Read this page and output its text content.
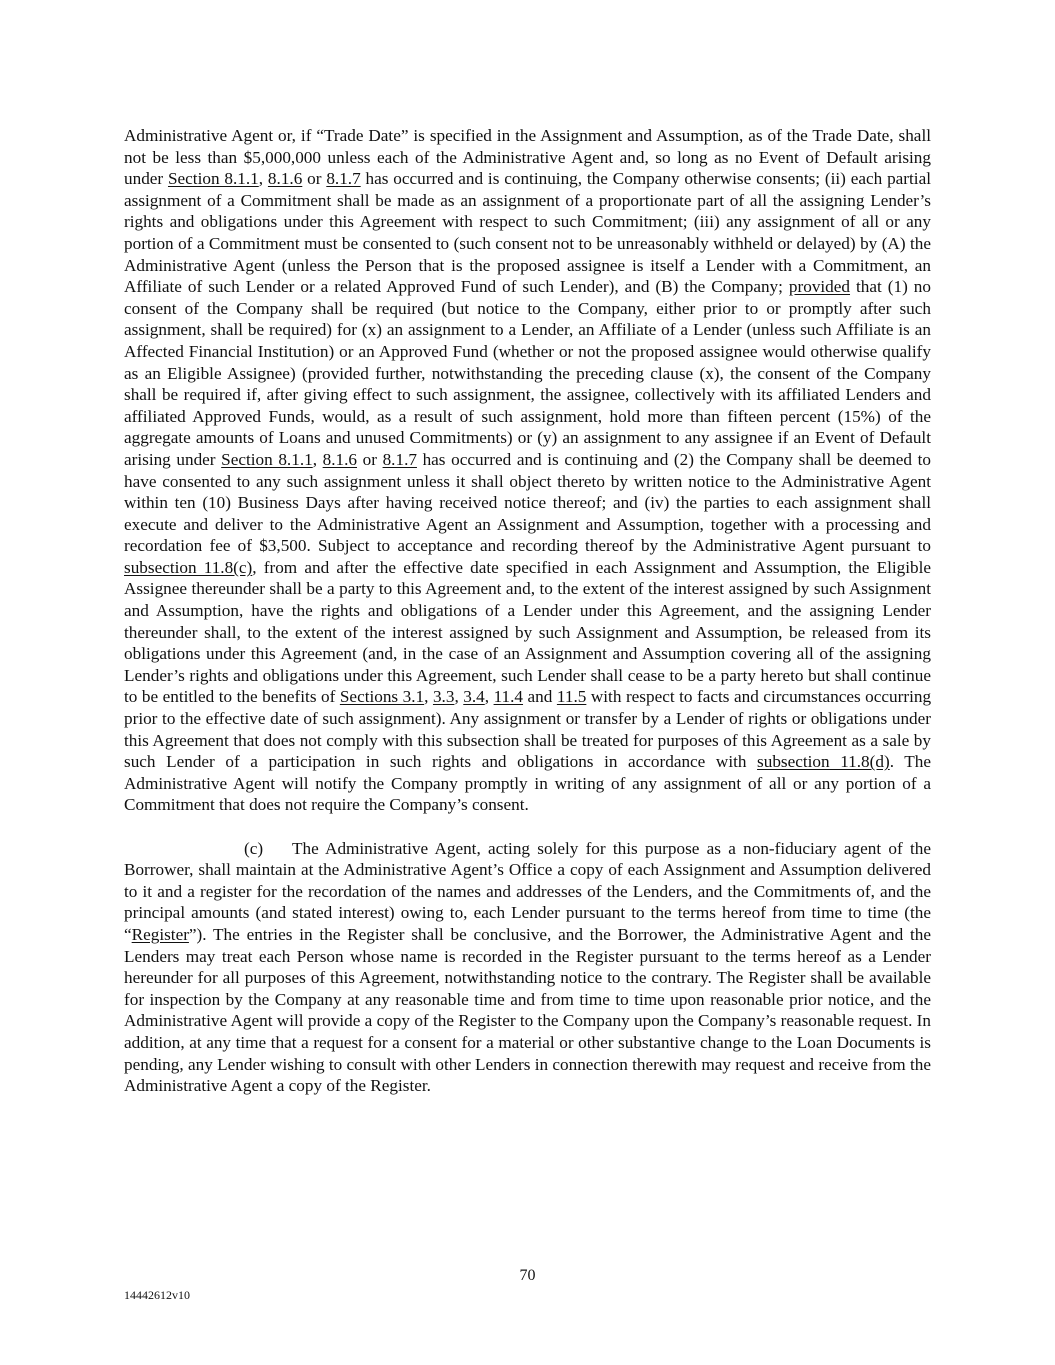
Administrative Agent or, if “Trade Date” is specified in the Assignment and Assumption, as of the Trade Date, shall not be less than $5,000,000 unless each of the Administrative Agent and, so long as no Event of Default arising under Section 8.1.1, 8.1.6 or 8.1.7 has occurred and is continuing, the Company otherwise consents; (ii) each partial assignment of a Commitment shall be made as an assignment of a proportionate part of all the assigning Lender’s rights and obligations under this Agreement with respect to such Commitment; (iii) any assignment of all or any portion of a Commitment must be consented to (such consent not to be unreasonably withheld or delayed) by (A) the Administrative Agent (unless the Person that is the proposed assignee is itself a Lender with a Commitment, an Affiliate of such Lender or a related Approved Fund of such Lender), and (B) the Company; provided that (1) no consent of the Company shall be required (but notice to the Company, either prior to or promptly after such assignment, shall be required) for (x) an assignment to a Lender, an Affiliate of a Lender (unless such Affiliate is an Affected Financial Institution) or an Approved Fund (whether or not the proposed assignee would otherwise qualify as an Eligible Assignee) (provided further, notwithstanding the preceding clause (x), the consent of the Company shall be required if, after giving effect to such assignment, the assignee, collectively with its affiliated Lenders and affiliated Approved Funds, would, as a result of such assignment, hold more than fifteen percent (15%) of the aggregate amounts of Loans and unused Commitments) or (y) an assignment to any assignee if an Event of Default arising under Section 8.1.1, 8.1.6 or 8.1.7 has occurred and is continuing and (2) the Company shall be deemed to have consented to any such assignment unless it shall object thereto by written notice to the Administrative Agent within ten (10) Business Days after having received notice thereof; and (iv) the parties to each assignment shall execute and deliver to the Administrative Agent an Assignment and Assumption, together with a processing and recordation fee of $3,500. Subject to acceptance and recording thereof by the Administrative Agent pursuant to subsection 11.8(c), from and after the effective date specified in each Assignment and Assumption, the Eligible Assignee thereunder shall be a party to this Agreement and, to the extent of the interest assigned by such Assignment and Assumption, have the rights and obligations of a Lender under this Agreement, and the assigning Lender thereunder shall, to the extent of the interest assigned by such Assignment and Assumption, be released from its obligations under this Agreement (and, in the case of an Assignment and Assumption covering all of the assigning Lender’s rights and obligations under this Agreement, such Lender shall cease to be a party hereto but shall continue to be entitled to the benefits of Sections 3.1, 3.3, 3.4, 11.4 and 11.5 with respect to facts and circumstances occurring prior to the effective date of such assignment). Any assignment or transfer by a Lender of rights or obligations under this Agreement that does not comply with this subsection shall be treated for purposes of this Agreement as a sale by such Lender of a participation in such rights and obligations in accordance with subsection 11.8(d). The Administrative Agent will notify the Company promptly in writing of any assignment of all or any portion of a Commitment that does not require the Company’s consent.

(c) The Administrative Agent, acting solely for this purpose as a non-fiduciary agent of the Borrower, shall maintain at the Administrative Agent’s Office a copy of each Assignment and Assumption delivered to it and a register for the recordation of the names and addresses of the Lenders, and the Commitments of, and the principal amounts (and stated interest) owing to, each Lender pursuant to the terms hereof from time to time (the “Register”). The entries in the Register shall be conclusive, and the Borrower, the Administrative Agent and the Lenders may treat each Person whose name is recorded in the Register pursuant to the terms hereof as a Lender hereunder for all purposes of this Agreement, notwithstanding notice to the contrary. The Register shall be available for inspection by the Company at any reasonable time and from time to time upon reasonable prior notice, and the Administrative Agent will provide a copy of the Register to the Company upon the Company’s reasonable request. In addition, at any time that a request for a consent for a material or other substantive change to the Loan Documents is pending, any Lender wishing to consult with other Lenders in connection therewith may request and receive from the Administrative Agent a copy of the Register.

70
14442612v10
